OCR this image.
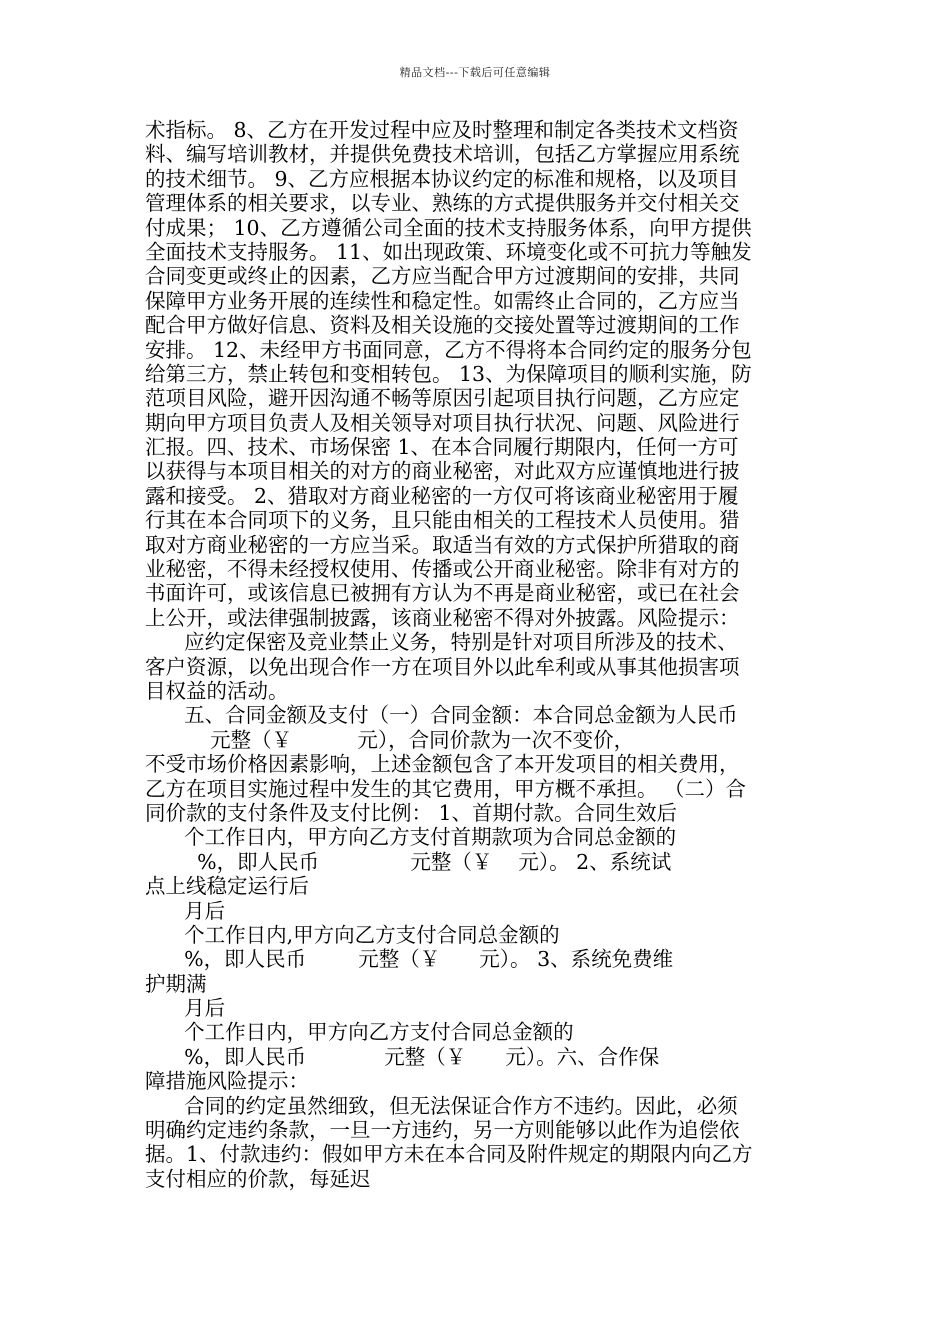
精品文档---下载后可任意编辑
术指标。 8、乙方在开发过程中应及时整理和制定各类技术文档资
料、编写培训教材，并提供免费技术培训，包括乙方掌握应用系统
的技术细节。 9、乙方应根据本协议约定的标准和规格，以及项目
管理体系的相关要求，以专业、熟练的方式提供服务并交付相关交
付成果； 10、乙方遵循公司全面的技术支持服务体系，向甲方提供
全面技术支持服务。 11、如出现政策、环境变化或不可抗力等触发
合同变更或终止的因素，乙方应当配合甲方过渡期间的安排，共同
保障甲方业务开展的连续性和稳定性。如需终止合同的，乙方应当
配合甲方做好信息、资料及相关设施的交接处置等过渡期间的工作
安排。 12、未经甲方书面同意，乙方不得将本合同约定的服务分包
给第三方，禁止转包和变相转包。 13、为保障项目的顺利实施，防
范项目风险，避开因沟通不畅等原因引起项目执行问题，乙方应定
期向甲方项目负责人及相关领导对项目执行状况、问题、风险进行
汇报。四、技术、市场保密 1、在本合同履行期限内，任何一方可
以获得与本项目相关的对方的商业秘密，对此双方应谨慎地进行披
露和接受。 2、猎取对方商业秘密的一方仅可将该商业秘密用于履
行其在本合同项下的义务，且只能由相关的工程技术人员使用。猎
取对方商业秘密的一方应当采。取适当有效的方式保护所猎取的商
业秘密，不得未经授权使用、传播或公开商业秘密。除非有对方的
书面许可，或该信息已被拥有方认为不再是商业秘密，或已在社会
上公开，或法律强制披露，该商业秘密不得对外披露。风险提示：
应约定保密及竞业禁止义务，特别是针对项目所涉及的技术、
客户资源，以免出现合作一方在项目外以此牟利或从事其他损害项
目权益的活动。
五、合同金额及支付（一）合同金额：本合同总金额为人民币
元整（￥          元），合同价款为一次不变价，
不受市场价格因素影响，上述金额包含了本开发项目的相关费用，
乙方在项目实施过程中发生的其它费用，甲方概不承担。 （二）合
同价款的支付条件及支付比例： 1、首期付款。合同生效后
个工作日内，甲方向乙方支付首期款项为合同总金额的
%，即人民币              元整（￥    元）。 2、系统试
点上线稳定运行后
月后
个工作日内,甲方向乙方支付合同总金额的
%，即人民币        元整（￥      元）。 3、系统免费维
护期满
月后
个工作日内，甲方向乙方支付合同总金额的
%，即人民币            元整（￥      元）。六、合作保
障措施风险提示：
合同的约定虽然细致，但无法保证合作方不违约。因此，必须
明确约定违约条款，一旦一方违约，另一方则能够以此作为追偿依
据。1、付款违约：假如甲方未在本合同及附件规定的期限内向乙方
支付相应的价款，每延迟
